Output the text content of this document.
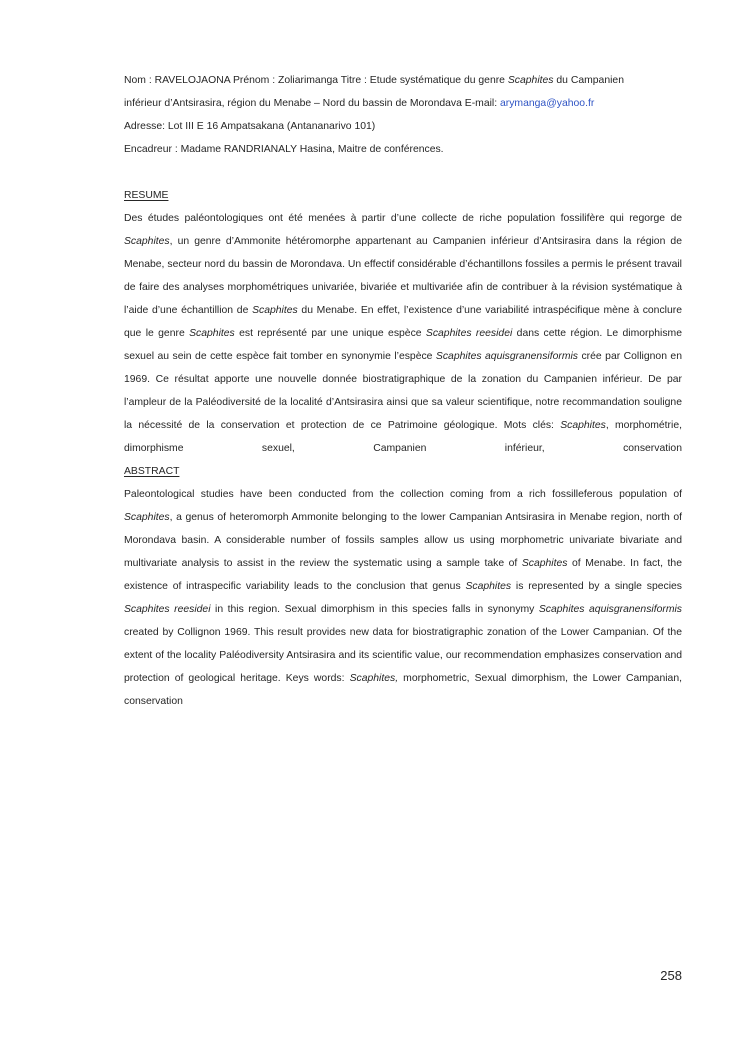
Nom : RAVELOJAONA Prénom : Zoliarimanga Titre : Etude systématique du genre Scaphites du Campanien

inférieur d’Antsirasira, région du Menabe – Nord du bassin de Morondava E-mail: arymanga@yahoo.fr

Adresse: Lot III E 16 Ampatsakana (Antananarivo 101)

Encadreur : Madame RANDRIANALY Hasina, Maitre de conférences.

RESUME

Des études paléontologiques ont été menées à partir d’une collecte de riche population fossilifère qui regorge de Scaphites, un genre d’Ammonite hétéromorphe appartenant au Campanien inférieur d’Antsirasira dans la région de Menabe, secteur nord du bassin de Morondava. Un effectif considérable d’échantillons fossiles a permis le présent travail de faire des analyses morphométriques univariée, bivariée et multivariée afin de contribuer à la révision systématique à l’aide d’une échantillion de Scaphites du Menabe. En effet, l’existence d’une variabilité intraspécifique mène à conclure que le genre Scaphites est représenté par une unique espèce Scaphites reesidei dans cette région. Le dimorphisme sexuel au sein de cette espèce fait tomber en synonymie l’espèce Scaphites aquisgranensiformis crée par Collignon en 1969. Ce résultat apporte une nouvelle donnée biostratigraphique de la zonation du Campanien inférieur. De par l’ampleur de la Paléodiversité de la localité d’Antsirasira ainsi que sa valeur scientifique, notre recommandation souligne la nécessité de la conservation et protection de ce Patrimoine géologique. Mots clés: Scaphites, morphométrie, dimorphisme sexuel, Campanien inférieur, conservation

ABSTRACT

Paleontological studies have been conducted from the collection coming from a rich fossilleferous population of Scaphites, a genus of heteromorph Ammonite belonging to the lower Campanian Antsirasira in Menabe region, north of Morondava basin. A considerable number of fossils samples allow us using morphometric univariate bivariate and multivariate analysis to assist in the review the systematic using a sample take of Scaphites of Menabe. In fact, the existence of intraspecific variability leads to the conclusion that genus Scaphites is represented by a single species Scaphites reesidei in this region. Sexual dimorphism in this species falls in synonymy Scaphites aquisgranensiformis created by Collignon 1969. This result provides new data for biostratigraphic zonation of the Lower Campanian. Of the extent of the locality Paléodiversity Antsirasira and its scientific value, our recommendation emphasizes conservation and protection of geological heritage. Keys words: Scaphites, morphometric, Sexual dimorphism, the Lower Campanian, conservation

258
